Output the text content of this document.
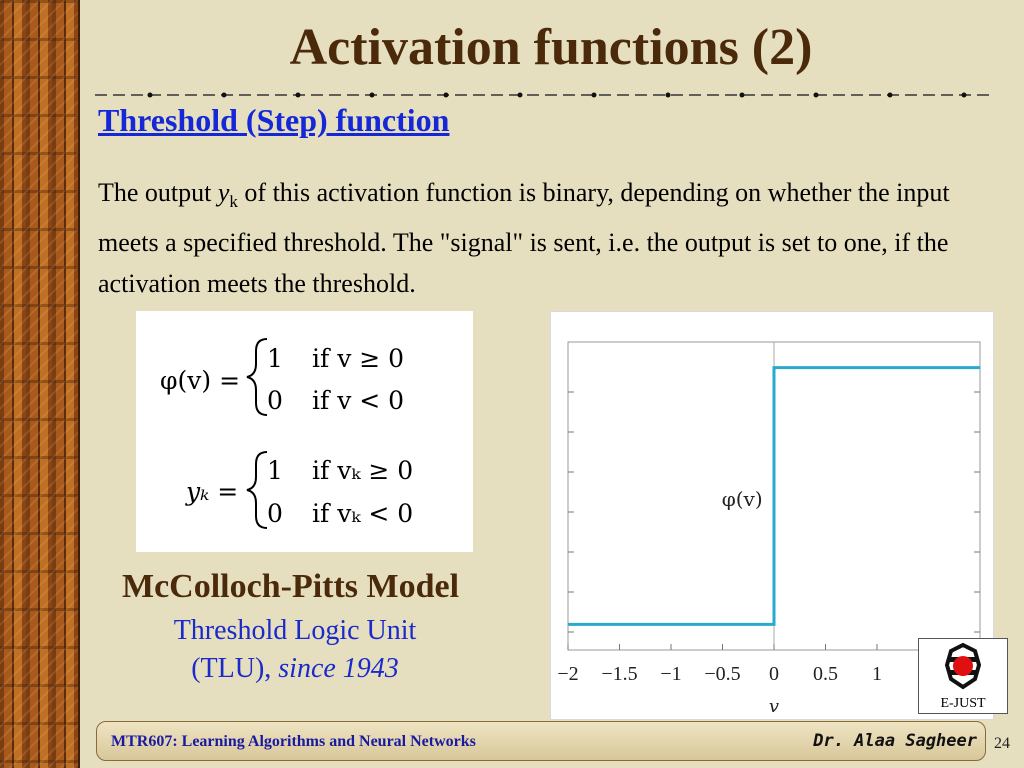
Activation functions (2)
Threshold (Step) function

The output $y_k$ of this activation function is binary, depending on whether the input meets a specified threshold. The "signal" is sent, i.e. the output is set to one, if the activation meets the threshold.

φ(v) =
1 if v ≥ 0
0 if v < 0
yₖ =
1 if vₖ ≥ 0
0 if vₖ < 0
−2 −1.5 −1 −0.5 0 0.5 1
φ(v)
v
McColloch-Pitts Model

Threshold Logic Unit
(TLU), since 1943

E-JUST
MTR607: Learning Algorithms and Neural Networks	Dr. Alaa Sagheer 24
